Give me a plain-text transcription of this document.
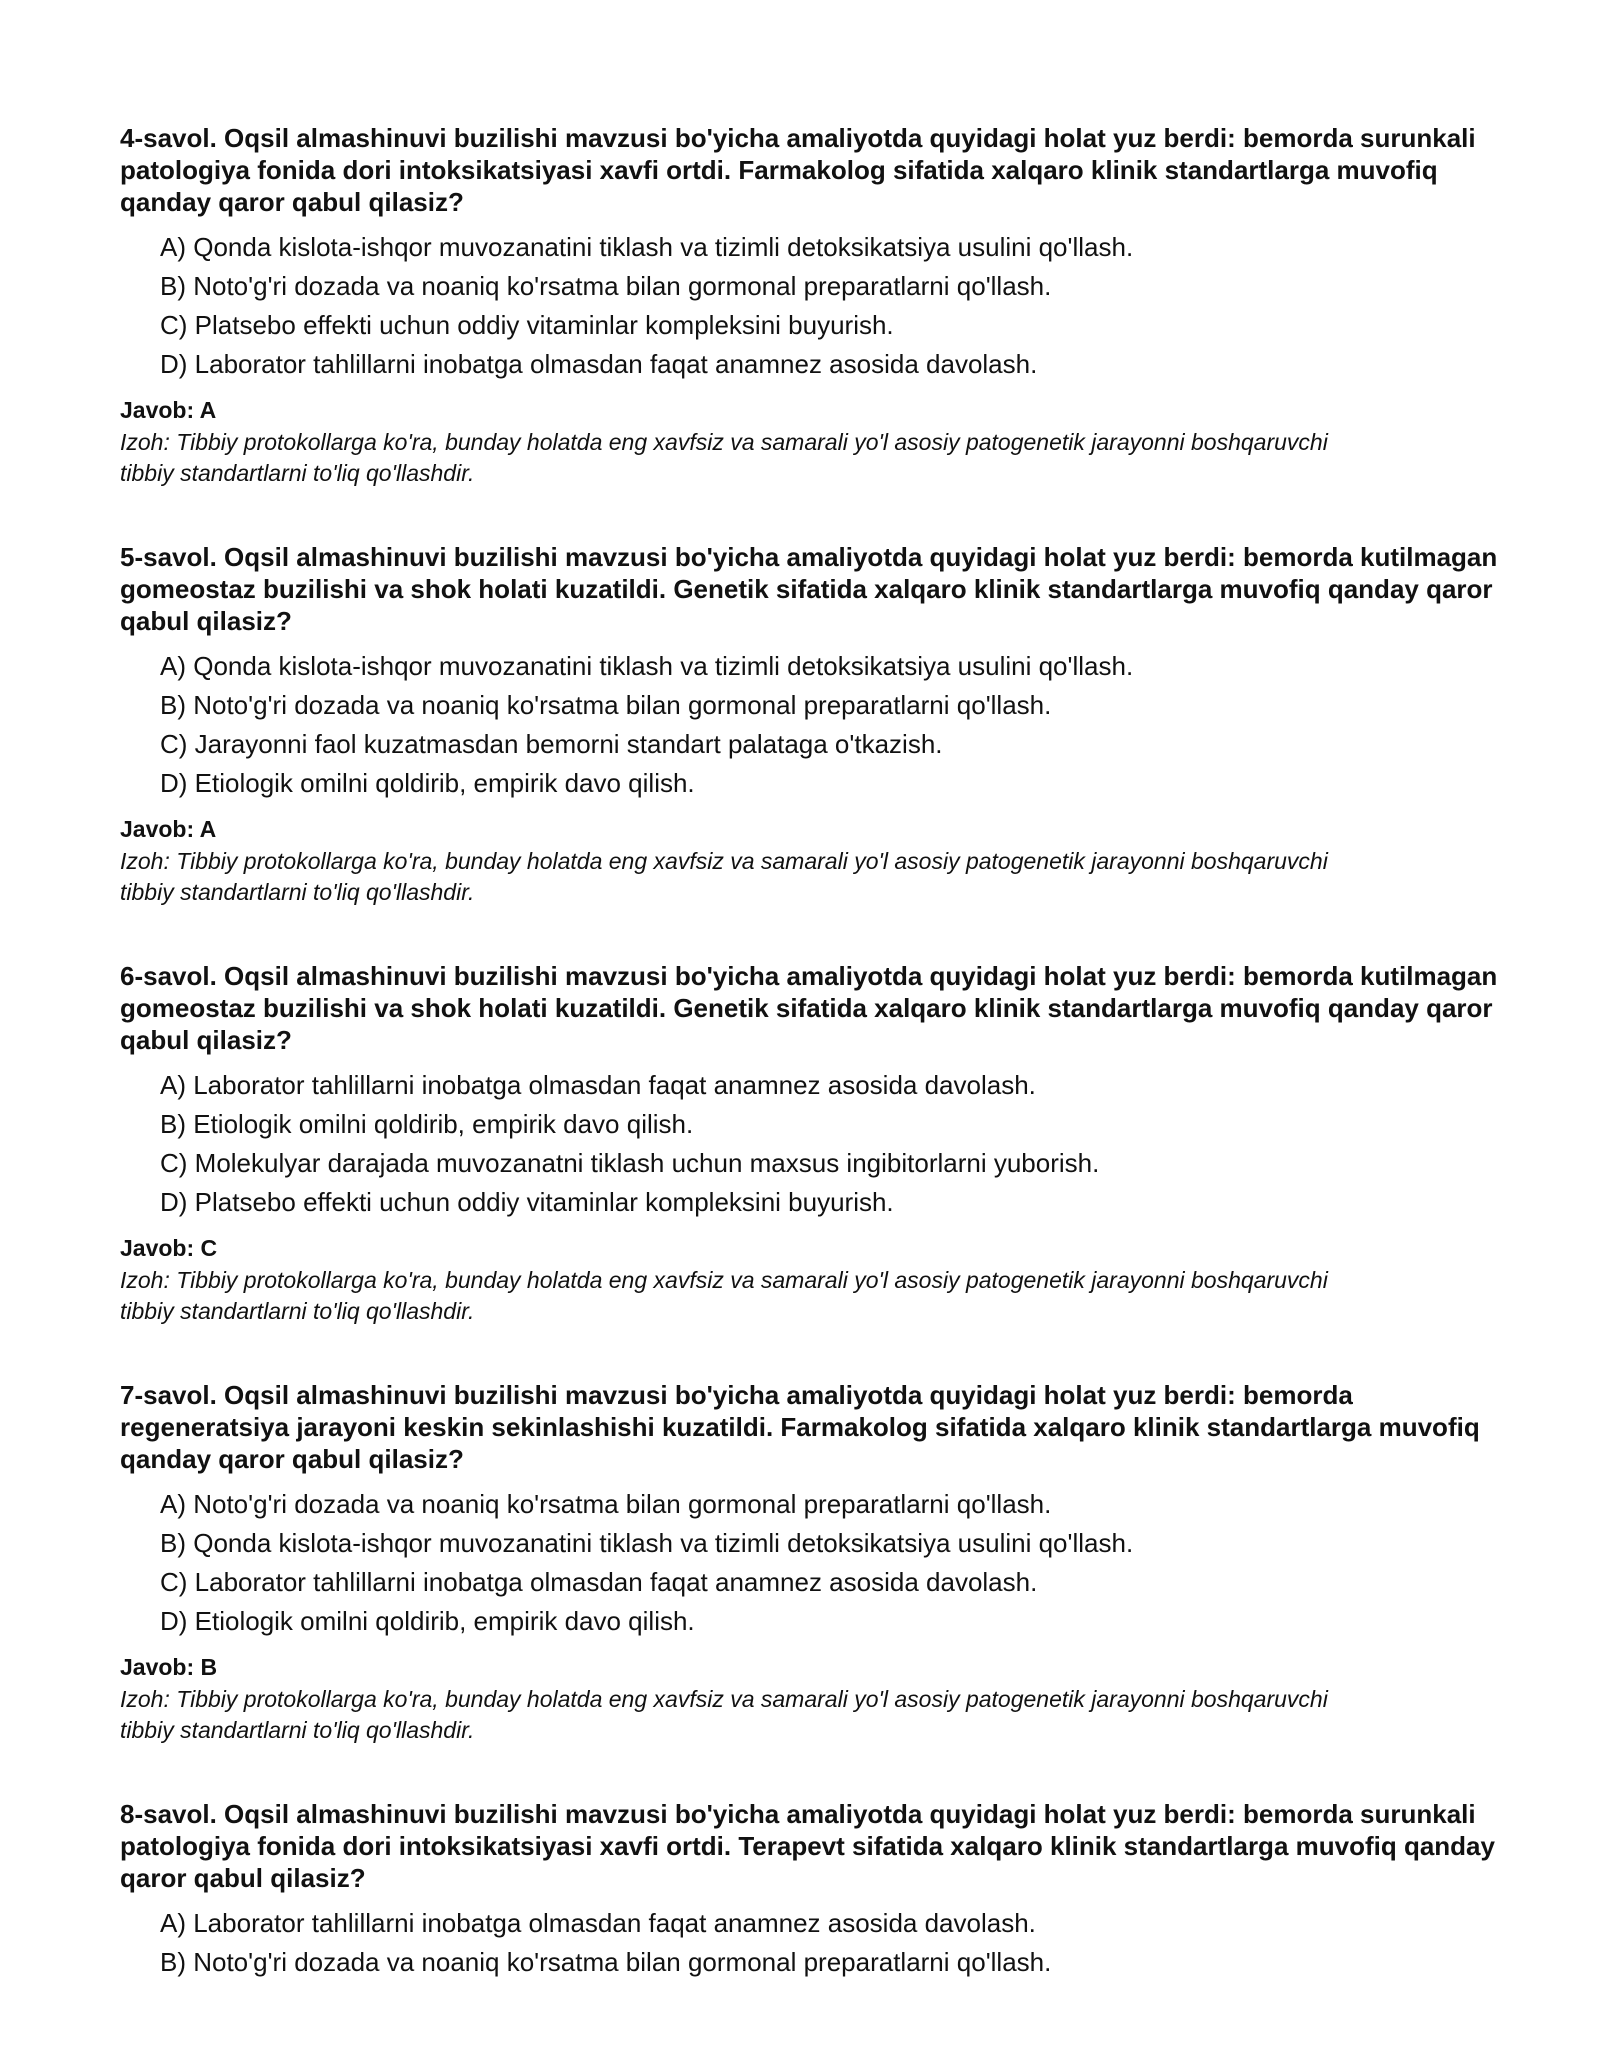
4-savol. Oqsil almashinuvi buzilishi mavzusi bo'yicha amaliyotda quyidagi holat yuz berdi: bemorda surunkali patologiya fonida dori intoksikatsiyasi xavfi ortdi. Farmakolog sifatida xalqaro klinik standartlarga muvofiq qanday qaror qabul qilasiz?

A) Qonda kislota-ishqor muvozanatini tiklash va tizimli detoksikatsiya usulini qo'llash.
B) Noto'g'ri dozada va noaniq ko'rsatma bilan gormonal preparatlarni qo'llash.
C) Platsebo effekti uchun oddiy vitaminlar kompleksini buyurish.
D) Laborator tahlillarni inobatga olmasdan faqat anamnez asosida davolash.

Javob: A

Izoh: Tibbiy protokollarga ko'ra, bunday holatda eng xavfsiz va samarali yo'l asosiy patogenetik jarayonni boshqaruvchi tibbiy standartlarni to'liq qo'llashdir.

5-savol. Oqsil almashinuvi buzilishi mavzusi bo'yicha amaliyotda quyidagi holat yuz berdi: bemorda kutilmagan gomeostaz buzilishi va shok holati kuzatildi. Genetik sifatida xalqaro klinik standartlarga muvofiq qanday qaror qabul qilasiz?

A) Qonda kislota-ishqor muvozanatini tiklash va tizimli detoksikatsiya usulini qo'llash.
B) Noto'g'ri dozada va noaniq ko'rsatma bilan gormonal preparatlarni qo'llash.
C) Jarayonni faol kuzatmasdan bemorni standart palataga o'tkazish.
D) Etiologik omilni qoldirib, empirik davo qilish.

Javob: A

Izoh: Tibbiy protokollarga ko'ra, bunday holatda eng xavfsiz va samarali yo'l asosiy patogenetik jarayonni boshqaruvchi tibbiy standartlarni to'liq qo'llashdir.

6-savol. Oqsil almashinuvi buzilishi mavzusi bo'yicha amaliyotda quyidagi holat yuz berdi: bemorda kutilmagan gomeostaz buzilishi va shok holati kuzatildi. Genetik sifatida xalqaro klinik standartlarga muvofiq qanday qaror qabul qilasiz?

A) Laborator tahlillarni inobatga olmasdan faqat anamnez asosida davolash.
B) Etiologik omilni qoldirib, empirik davo qilish.
C) Molekulyar darajada muvozanatni tiklash uchun maxsus ingibitorlarni yuborish.
D) Platsebo effekti uchun oddiy vitaminlar kompleksini buyurish.

Javob: C

Izoh: Tibbiy protokollarga ko'ra, bunday holatda eng xavfsiz va samarali yo'l asosiy patogenetik jarayonni boshqaruvchi tibbiy standartlarni to'liq qo'llashdir.

7-savol. Oqsil almashinuvi buzilishi mavzusi bo'yicha amaliyotda quyidagi holat yuz berdi: bemorda regeneratsiya jarayoni keskin sekinlashishi kuzatildi. Farmakolog sifatida xalqaro klinik standartlarga muvofiq qanday qaror qabul qilasiz?

A) Noto'g'ri dozada va noaniq ko'rsatma bilan gormonal preparatlarni qo'llash.
B) Qonda kislota-ishqor muvozanatini tiklash va tizimli detoksikatsiya usulini qo'llash.
C) Laborator tahlillarni inobatga olmasdan faqat anamnez asosida davolash.
D) Etiologik omilni qoldirib, empirik davo qilish.

Javob: B

Izoh: Tibbiy protokollarga ko'ra, bunday holatda eng xavfsiz va samarali yo'l asosiy patogenetik jarayonni boshqaruvchi tibbiy standartlarni to'liq qo'llashdir.

8-savol. Oqsil almashinuvi buzilishi mavzusi bo'yicha amaliyotda quyidagi holat yuz berdi: bemorda surunkali patologiya fonida dori intoksikatsiyasi xavfi ortdi. Terapevt sifatida xalqaro klinik standartlarga muvofiq qanday qaror qabul qilasiz?

A) Laborator tahlillarni inobatga olmasdan faqat anamnez asosida davolash.
B) Noto'g'ri dozada va noaniq ko'rsatma bilan gormonal preparatlarni qo'llash.
